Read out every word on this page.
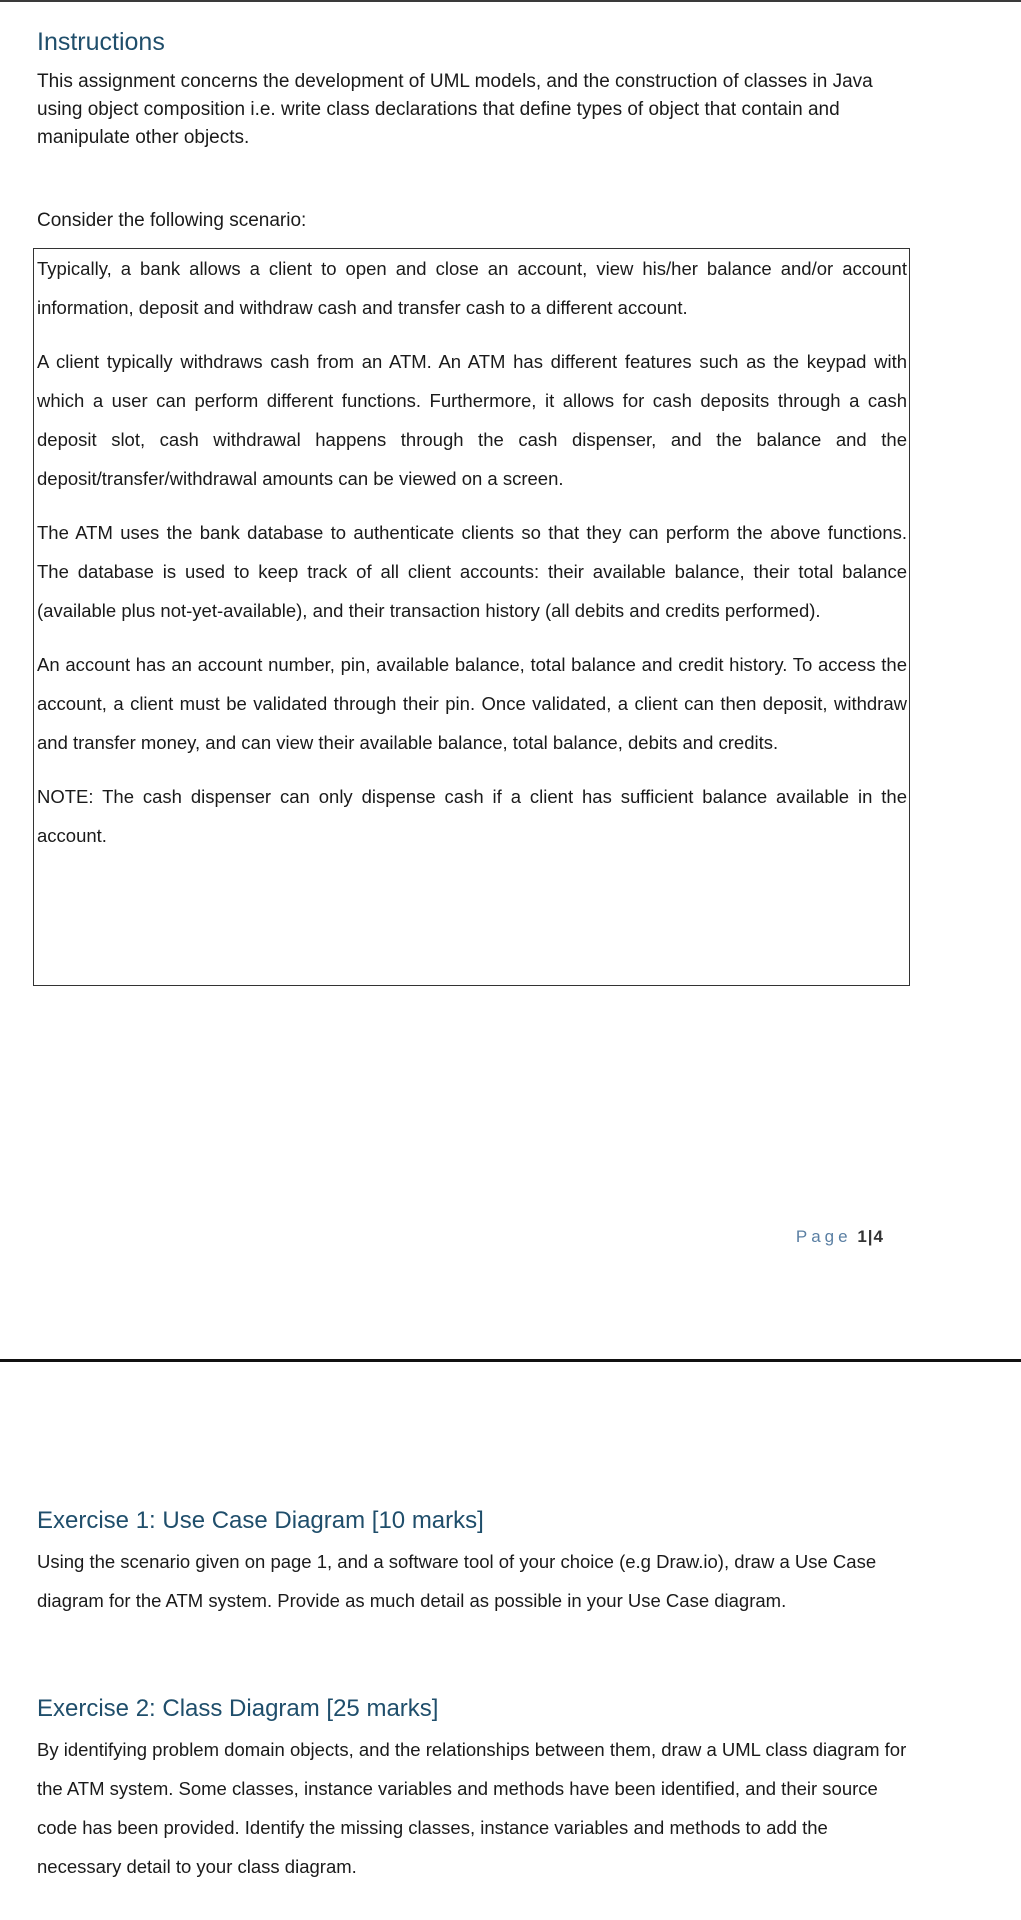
Instructions

This assignment concerns the development of UML models, and the construction of classes in Java using object composition i.e. write class declarations that define types of object that contain and manipulate other objects.

Consider the following scenario:

Typically, a bank allows a client to open and close an account, view his/her balance and/or account information, deposit and withdraw cash and transfer cash to a different account.

A client typically withdraws cash from an ATM. An ATM has different features such as the keypad with which a user can perform different functions. Furthermore, it allows for cash deposits through a cash deposit slot, cash withdrawal happens through the cash dispenser, and the balance and the deposit/transfer/withdrawal amounts can be viewed on a screen.

The ATM uses the bank database to authenticate clients so that they can perform the above functions. The database is used to keep track of all client accounts: their available balance, their total balance (available plus not-yet-available), and their transaction history (all debits and credits performed).

An account has an account number, pin, available balance, total balance and credit history. To access the account, a client must be validated through their pin. Once validated, a client can then deposit, withdraw and transfer money, and can view their available balance, total balance, debits and credits.

NOTE: The cash dispenser can only dispense cash if a client has sufficient balance available in the account.

Page 1|4
Exercise 1: Use Case Diagram [10 marks]

Using the scenario given on page 1, and a software tool of your choice (e.g Draw.io), draw a Use Case diagram for the ATM system. Provide as much detail as possible in your Use Case diagram.

Exercise 2: Class Diagram [25 marks]

By identifying problem domain objects, and the relationships between them, draw a UML class diagram for the ATM system. Some classes, instance variables and methods have been identified, and their source code has been provided. Identify the missing classes, instance variables and methods to add the necessary detail to your class diagram.
